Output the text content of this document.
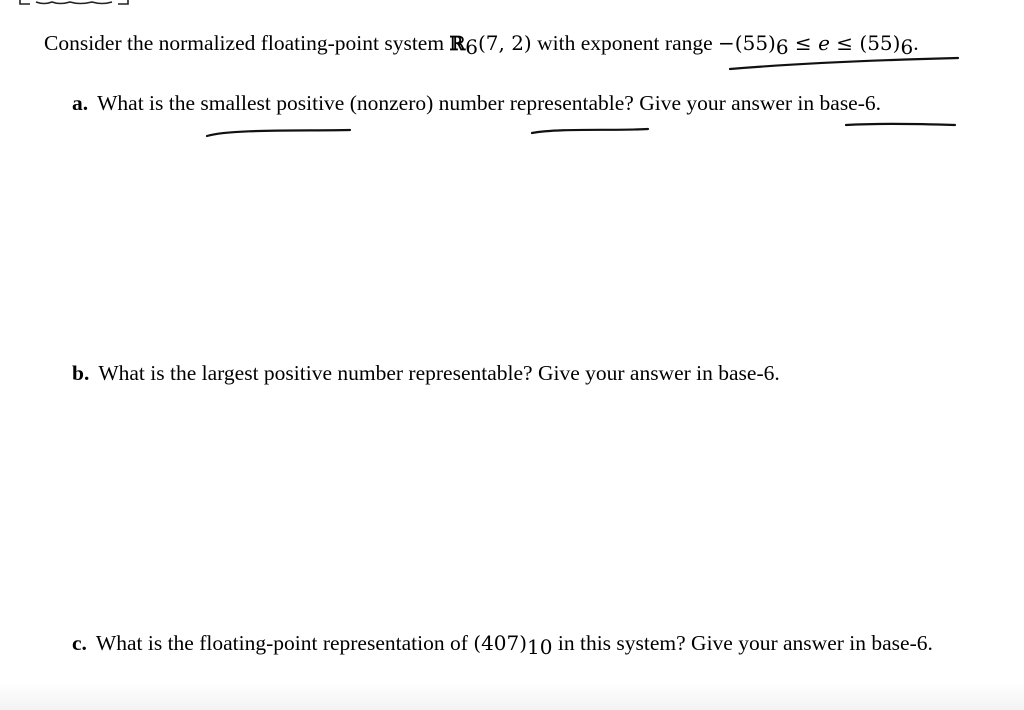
Consider the normalized floating-point system ℝ$_6$(7, 2) with exponent range $-(55)_6 \le e \le (55)_6$.
a. What is the smallest positive (nonzero) number representable? Give your answer in base-6.
b. What is the largest positive number representable? Give your answer in base-6.
c. What is the floating-point representation of $(407)_{10}$ in this system? Give your answer in base-6.
